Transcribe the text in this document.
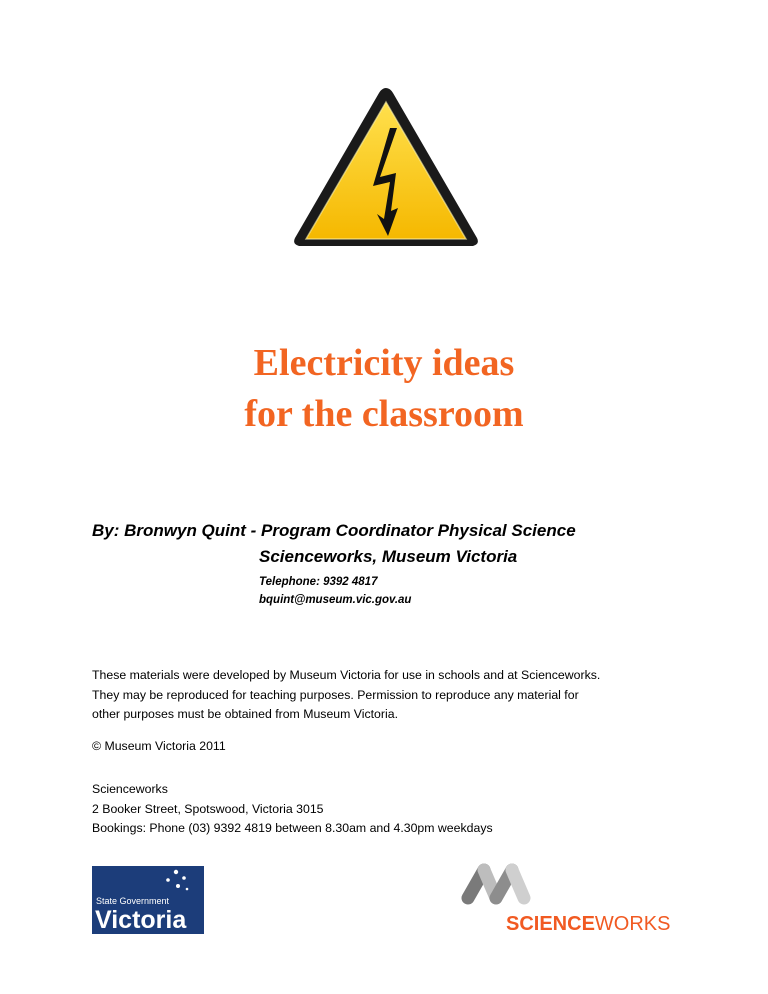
Electricity ideas
for the classroom
By: Bronwyn Quint - Program Coordinator Physical Science
Scienceworks, Museum Victoria
Telephone: 9392 4817
bquint@museum.vic.gov.au
These materials were developed by Museum Victoria for use in schools and at Scienceworks.
They may be reproduced for teaching purposes. Permission to reproduce any material for
other purposes must be obtained from Museum Victoria.
© Museum Victoria 2011
Scienceworks
2 Booker Street, Spotswood, Victoria 3015
Bookings: Phone (03) 9392 4819 between 8.30am and 4.30pm weekdays
State Government
Victoria	SCIENCEWORKS
